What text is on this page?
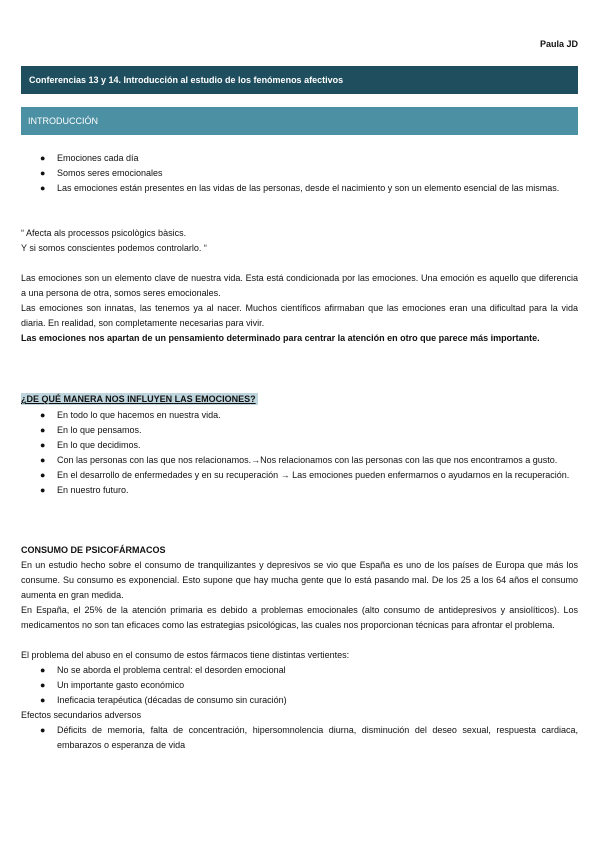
Paula JD
Conferencias 13 y 14. Introducción al estudio de los fenómenos afectivos
INTRODUCCIÓN
● Emociones cada día
● Somos seres emocionales
● Las emociones están presentes en las vidas de las personas, desde el nacimiento y son un elemento esencial de las mismas.

“ Afecta als processos psicològics bàsics.

Y si somos conscientes podemos controlarlo. “

Las emociones son un elemento clave de nuestra vida. Esta está condicionada por las emociones. Una emoción es aquello que diferencia a una persona de otra, somos seres emocionales.

Las emociones son innatas, las tenemos ya al nacer. Muchos científicos afirmaban que las emociones eran una dificultad para la vida diaria. En realidad, son completamente necesarias para vivir.

Las emociones nos apartan de un pensamiento determinado para centrar la atención en otro que parece más importante.

¿DE QUÉ MANERA NOS INFLUYEN LAS EMOCIONES?

● En todo lo que hacemos en nuestra vida.
● En lo que pensamos.
● En lo que decidimos.
● Con las personas con las que nos relacionamos.→Nos relacionamos con las personas con las que nos encontramos a gusto.
● En el desarrollo de enfermedades y en su recuperación → Las emociones pueden enfermarnos o ayudarnos en la recuperación.
● En nuestro futuro.

CONSUMO DE PSICOFÁRMACOS

En un estudio hecho sobre el consumo de tranquilizantes y depresivos se vio que España es uno de los países de Europa que más los consume. Su consumo es exponencial. Esto supone que hay mucha gente que lo está pasando mal. De los 25 a los 64 años el consumo aumenta en gran medida.

En España, el 25% de la atención primaria es debido a problemas emocionales (alto consumo de antidepresivos y ansiolíticos). Los medicamentos no son tan eficaces como las estrategias psicológicas, las cuales nos proporcionan técnicas para afrontar el problema.

El problema del abuso en el consumo de estos fármacos tiene distintas vertientes:

● No se aborda el problema central: el desorden emocional
● Un importante gasto económico
● Ineficacia terapéutica (décadas de consumo sin curación)

Efectos secundarios adversos

● Déficits de memoria, falta de concentración, hipersomnolencia diurna, disminución del deseo sexual, respuesta cardiaca, embarazos o esperanza de vida
